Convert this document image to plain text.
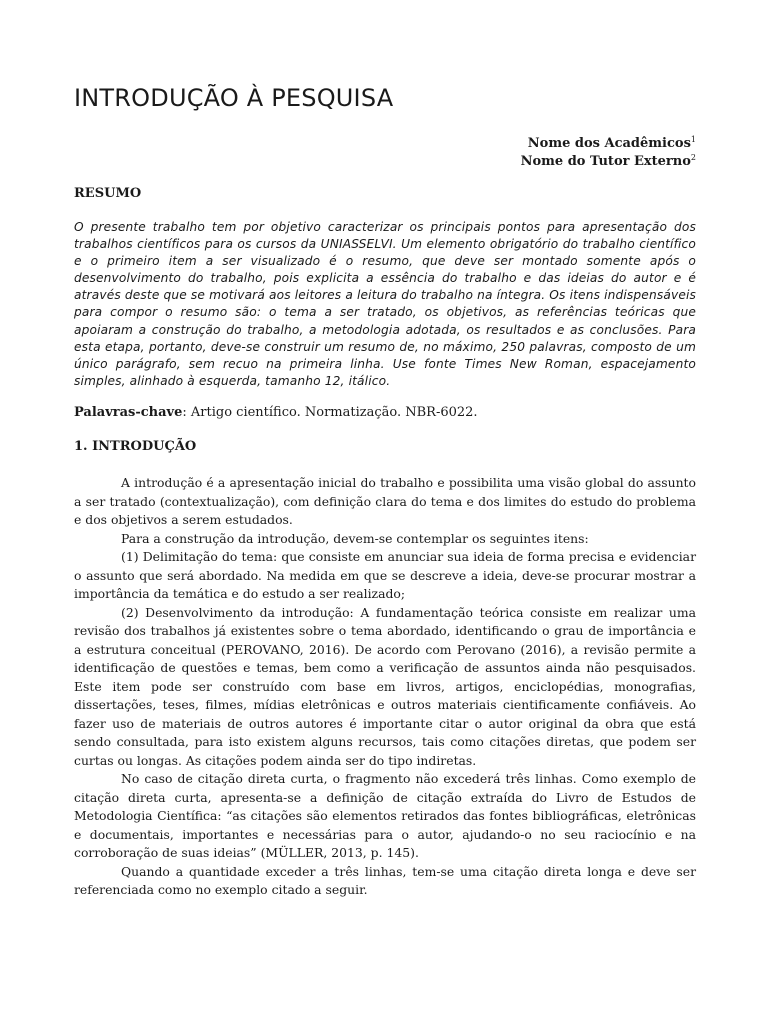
INTRODUÇÃO À PESQUISA
Nome dos Acadêmicos$^1$
Nome do Tutor Externo$^2$
RESUMO

O presente trabalho tem por objetivo caracterizar os principais pontos para apresentação dos trabalhos científicos para os cursos da UNIASSELVI. Um elemento obrigatório do trabalho científico e o primeiro item a ser visualizado é o resumo, que deve ser montado somente após o desenvolvimento do trabalho, pois explicita a essência do trabalho e das ideias do autor e é através deste que se motivará aos leitores a leitura do trabalho na íntegra. Os itens indispensáveis para compor o resumo são: o tema a ser tratado, os objetivos, as referências teóricas que apoiaram a construção do trabalho, a metodologia adotada, os resultados e as conclusões. Para esta etapa, portanto, deve-se construir um resumo de, no máximo, 250 palavras, composto de um único parágrafo, sem recuo na primeira linha. Use fonte Times New Roman, espacejamento simples, alinhado à esquerda, tamanho 12, itálico.

Palavras-chave: Artigo científico. Normatização. NBR-6022.

1. INTRODUÇÃO

A introdução é a apresentação inicial do trabalho e possibilita uma visão global do assunto a ser tratado (contextualização), com definição clara do tema e dos limites do estudo do problema e dos objetivos a serem estudados.

Para a construção da introdução, devem-se contemplar os seguintes itens:

(1) Delimitação do tema: que consiste em anunciar sua ideia de forma precisa e evidenciar o assunto que será abordado. Na medida em que se descreve a ideia, deve-se procurar mostrar a importância da temática e do estudo a ser realizado;

(2) Desenvolvimento da introdução: A fundamentação teórica consiste em realizar uma revisão dos trabalhos já existentes sobre o tema abordado, identificando o grau de importância e a estrutura conceitual (PEROVANO, 2016). De acordo com Perovano (2016), a revisão permite a identificação de questões e temas, bem como a verificação de assuntos ainda não pesquisados. Este item pode ser construído com base em livros, artigos, enciclopédias, monografias, dissertações, teses, filmes, mídias eletrônicas e outros materiais cientificamente confiáveis. Ao fazer uso de materiais de outros autores é importante citar o autor original da obra que está sendo consultada, para isto existem alguns recursos, tais como citações diretas, que podem ser curtas ou longas. As citações podem ainda ser do tipo indiretas.

No caso de citação direta curta, o fragmento não excederá três linhas. Como exemplo de citação direta curta, apresenta-se a definição de citação extraída do Livro de Estudos de Metodologia Científica: “as citações são elementos retirados das fontes bibliográficas, eletrônicas e documentais, importantes e necessárias para o autor, ajudando-o no seu raciocínio e na corroboração de suas ideias” (MÜLLER, 2013, p. 145).

Quando a quantidade exceder a três linhas, tem-se uma citação direta longa e deve ser referenciada como no exemplo citado a seguir.
